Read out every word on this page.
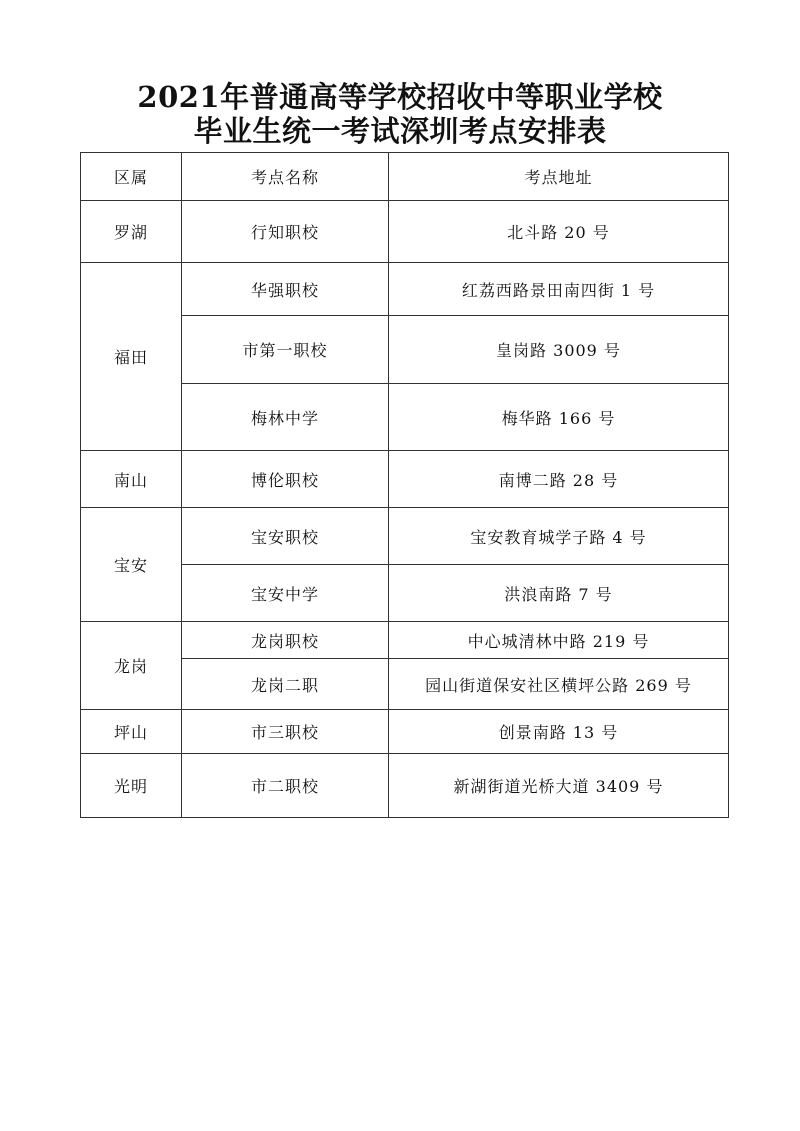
2021年普通高等学校招收中等职业学校
毕业生统一考试深圳考点安排表
区属	考点名称	考点地址
罗湖	行知职校	北斗路 20 号
福田	华强职校	红荔西路景田南四街 1 号
	市第一职校	皇岗路 3009 号
	梅林中学	梅华路 166 号
南山	博伦职校	南博二路 28 号
宝安	宝安职校	宝安教育城学子路 4 号
	宝安中学	洪浪南路 7 号
龙岗	龙岗职校	中心城清林中路 219 号
	龙岗二职	园山街道保安社区横坪公路 269 号
坪山	市三职校	创景南路 13 号
光明	市二职校	新湖街道光桥大道 3409 号
